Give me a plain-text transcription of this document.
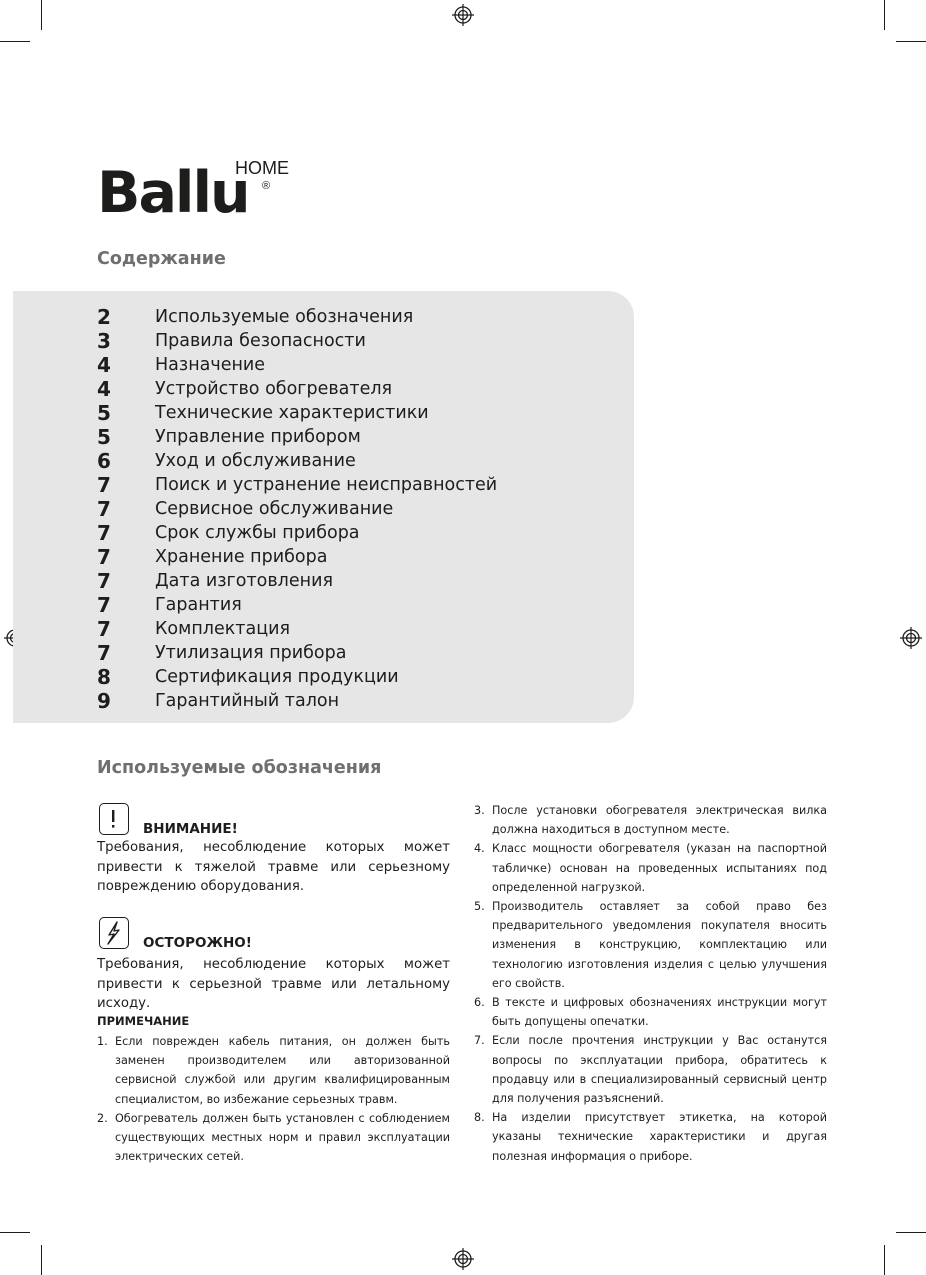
Ballu
HOME
®
Содержание
2	Используемые обозначения
3	Правила безопасности
4	Назначение
4	Устройство обогревателя
5	Технические характеристики
5	Управление прибором
6	Уход и обслуживание
7	Поиск и устранение неисправностей
7	Сервисное обслуживание
7	Срок службы прибора
7	Хранение прибора
7	Дата изготовления
7	Гарантия
7	Комплектация
7	Утилизация прибора
8	Сертификация продукции
9	Гарантийный талон
Используемые обозначения
ВНИМАНИЕ!
Требования, несоблюдение которых может привести к тяжелой травме или серьезному повреждению оборудования.
ОСТОРОЖНО!
Требования, несоблюдение которых может привести к серьезной травме или летальному исходу.
ПРИМЕЧАНИЕ
1. Если поврежден кабель питания, он должен быть заменен производителем или авторизованной сервисной службой или другим квалифицированным специалистом, во избежание серьезных травм.
2. Обогреватель должен быть установлен с соблюдением существующих местных норм и правил эксплуатации электрических сетей.
3. После установки обогревателя электрическая вилка должна находиться в доступном месте.
4. Класс мощности обогревателя (указан на паспортной табличке) основан на проведенных испытаниях под определенной нагрузкой.
5. Производитель оставляет за собой право без предварительного уведомления покупателя вносить изменения в конструкцию, комплектацию или технологию изготовления изделия с целью улучшения его свойств.
6. В тексте и цифровых обозначениях инструкции могут быть допущены опечатки.
7. Если после прочтения инструкции у Вас останутся вопросы по эксплуатации прибора, обратитесь к продавцу или в специализированный сервисный центр для получения разъяснений.
8. На изделии присутствует этикетка, на которой указаны технические характеристики и другая полезная информация о приборе.
